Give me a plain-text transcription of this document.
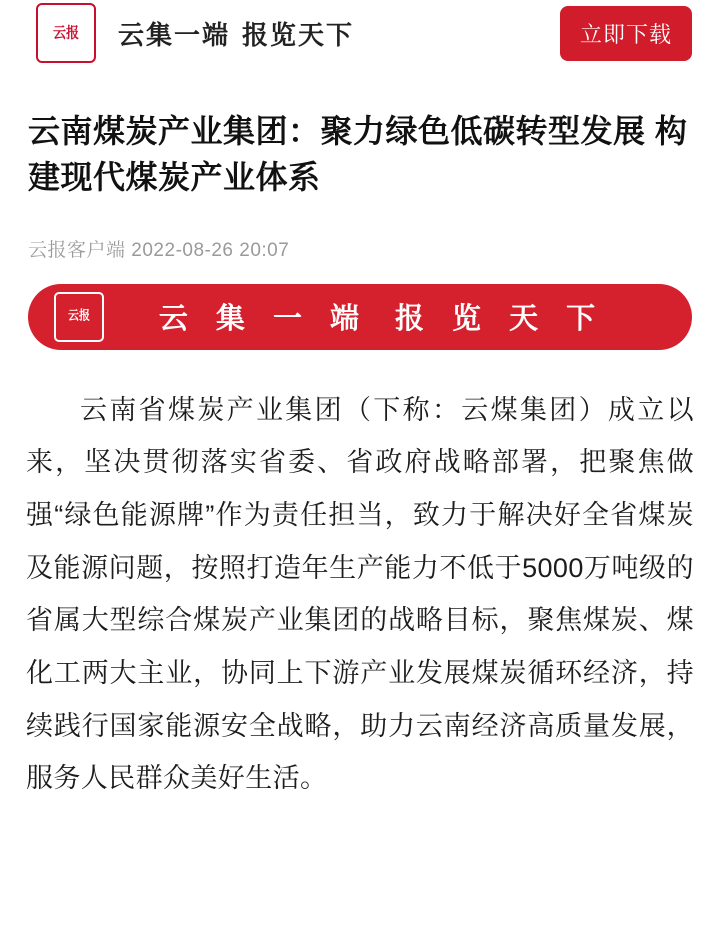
云报 云集一端 报览天下	立即下载
云南煤炭产业集团：聚力绿色低碳转型发展 构建现代煤炭产业体系
云报客户端 2022-08-26 20:07
云报	云 集 一 端 报 览 天 下

云南省煤炭产业集团（下称：云煤集团）成立以来，坚决贯彻落实省委、省政府战略部署，把聚焦做强“绿色能源牌”作为责任担当，致力于解决好全省煤炭及能源问题，按照打造年生产能力不低于5000万吨级的省属大型综合煤炭产业集团的战略目标，聚焦煤炭、煤化工两大主业，协同上下游产业发展煤炭循环经济，持续践行国家能源安全战略，助力云南经济高质量发展，服务人民群众美好生活。
